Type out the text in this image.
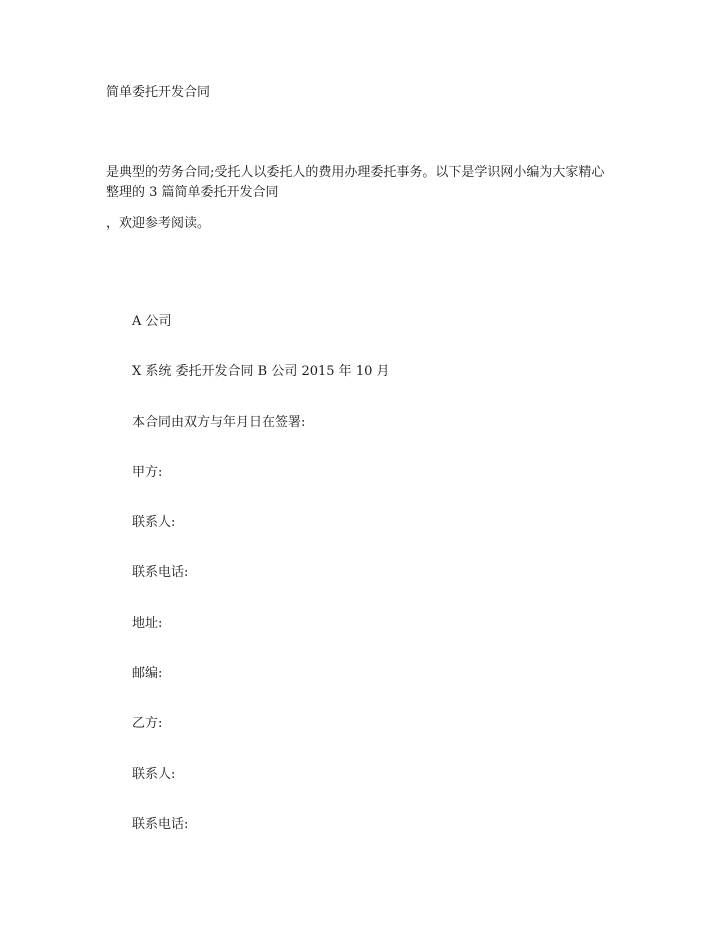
简单委托开发合同
是典型的劳务合同;受托人以委托人的费用办理委托事务。以下是学识网小编为大家精心
整理的 3 篇简单委托开发合同
，欢迎参考阅读。
A 公司
X 系统 委托开发合同 B 公司 2015 年 10 月
本合同由双方与年月日在签署:
甲方:
联系人:
联系电话:
地址:
邮编:
乙方:
联系人:
联系电话:
